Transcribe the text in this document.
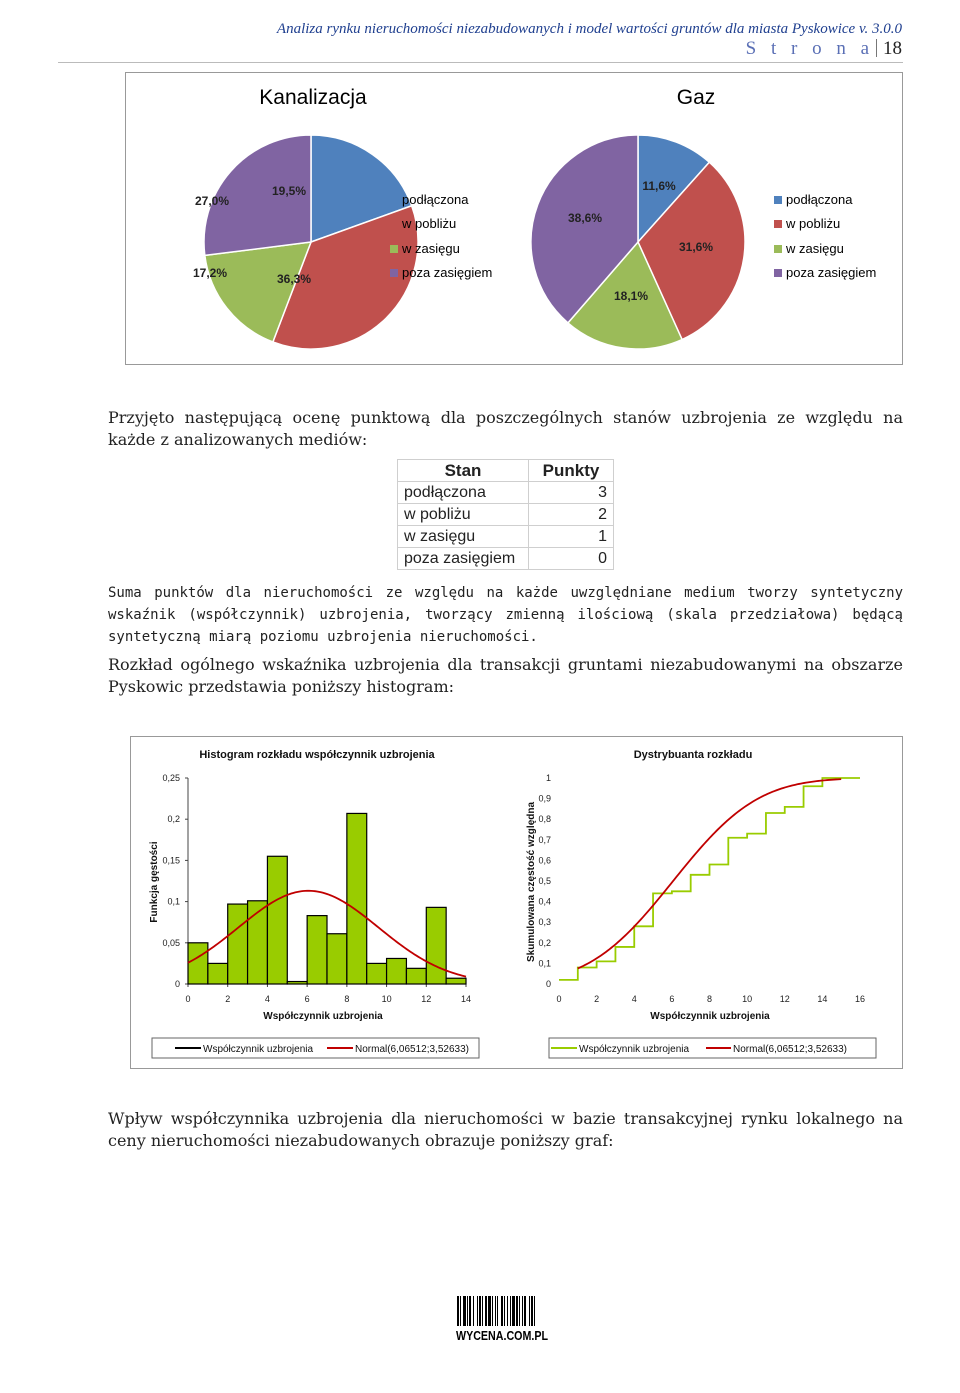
Analiza rynku nieruchomości niezabudowanych i model wartości gruntów dla miasta Pyskowice v. 3.0.0
S t r o n a 18
Kanalizacja	Gaz
19,5%
36,3%
17,2%
27,0%
11,6%
31,6%
18,1%
38,6%
podłączona
w pobliżu
w zasięgu
poza zasięgiem
podłączona
w pobliżu
w zasięgu
poza zasięgiem
Przyjęto następującą ocenę punktową dla poszczególnych stanów uzbrojenia ze względu na każde z analizowanych mediów:
Stan	Punkty
podłączona	3
w pobliżu	2
w zasięgu	1
poza zasięgiem	0
Suma punktów dla nieruchomości ze względu na każde uwzględniane medium tworzy syntetyczny wskaźnik (współczynnik) uzbrojenia, tworzący zmienną ilościową (skala przedziałowa) będącą syntetyczną miarą poziomu uzbrojenia nieruchomości.
Rozkład ogólnego wskaźnika uzbrojenia dla transakcji gruntami niezabudowanymi na obszarze Pyskowic przedstawia poniższy histogram:
Histogram rozkładu współczynnik uzbrojenia	Dystrybuanta rozkładu
Funkcja gęstości	Skumulowana częstość względna
Współczynnik uzbrojenia	Współczynnik uzbrojenia
0
0,05
0,1
0,15
0,2
0,25
0	2	4	6	8	10	12	14
0
0,1
0,2
0,3
0,4
0,5
0,6
0,7
0,8
0,9
1
0	2	4	6	8	10	12	14	16
Współczynnik uzbrojenia	Normal(6,06512;3,52633)	Współczynnik uzbrojenia	Normal(6,06512;3,52633)
Wpływ współczynnika uzbrojenia dla nieruchomości w bazie transakcyjnej rynku lokalnego na ceny nieruchomości niezabudowanych obrazuje poniższy graf:
WYCENA.COM.PL
